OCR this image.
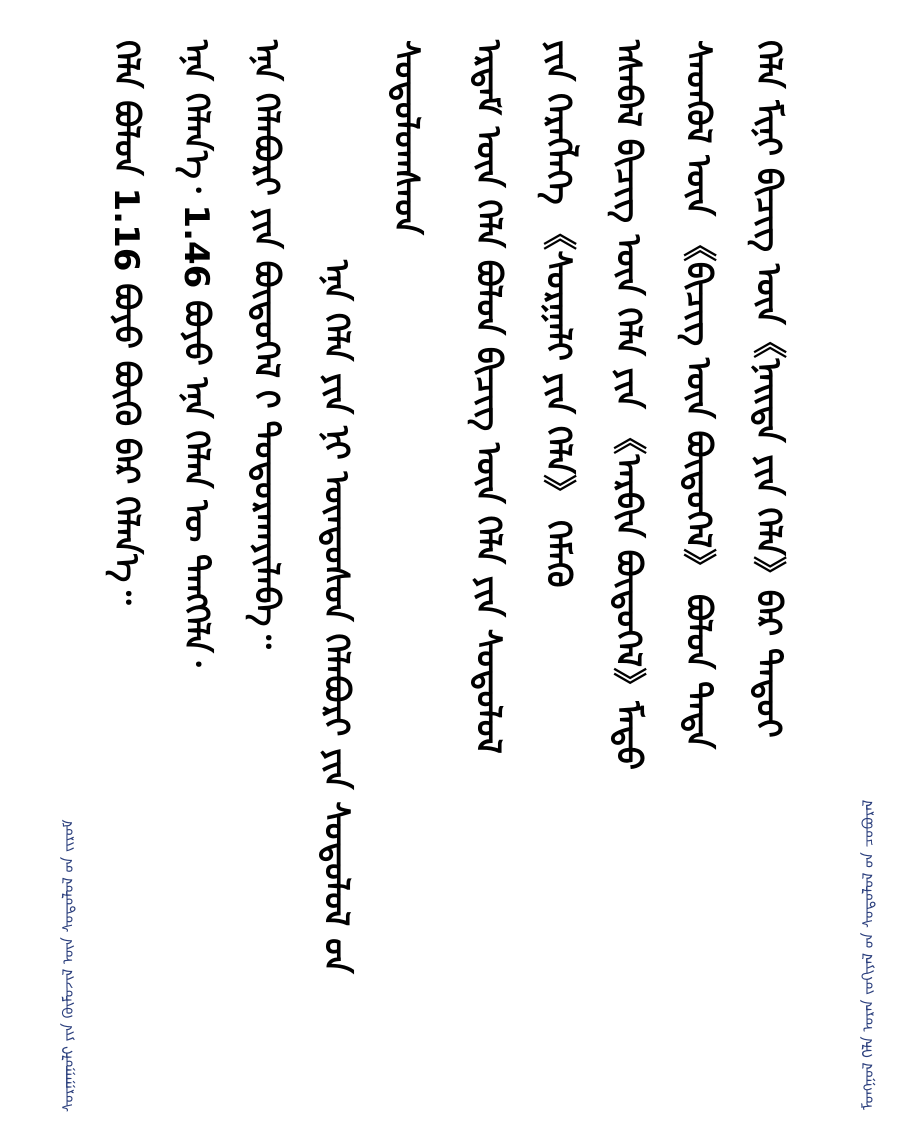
ᠰᠤᠷᠭᠠᠭᠤᠯᠢ ᠶᠢᠨ ᠬᠦᠮᠦᠵᠢᠯ ᠦᠨ ᠰᠤᠳᠤᠯᠤᠯ ᠤ᠋ᠨ ᠵᠢᠷᠤᠮ
ᠬᠡᠯᠡ ᠪᠣᠯᠣᠨ 1.16 ᠪᠤᠶᠤ ᠪᠦᠬᠦ ᠪᠡᠷ ᠬᠡᠯᠡᠨ᠎ᠡ᠃ ᠡᠨᠡ ᠬᠡᠯᠡᠨ᠎ᠡ᠂ 1.46 ᠪᠤᠶᠤ ᠡᠨᠡ ᠬᠡᠯᠡᠨ ᠦ ᠲᠡᠩᠭᠡᠯᠡ᠂ ᠡᠨᠡ ᠬᠡᠯᠡᠪᠦᠷᠢ ᠶᠢᠨ ᠪᠦᠲᠦᠭᠡᠯ ᠢ᠋ ᠲᠣᠳᠣᠷᠬᠠᠶᠢᠯᠠᠪᠠ᠃ ᠡᠨᠡ ᠬᠡᠯᠡ ᠶᠢᠨ ᠨᠢ ᠦᠨᠳᠦᠰᠦᠨ ᠬᠡᠯᠡᠪᠦᠷᠢ ᠶᠢᠨ ᠰᠤᠳᠤᠯᠤᠯ ᠤ᠋ᠨ
ᠰᠤᠳᠤᠯᠤᠭᠰᠠᠳ ᠡᠷᠳᠡᠮ ᠦᠨ ᠬᠡᠯᠡ ᠪᠣᠯᠣᠨ ᠪᠢᠴᠢᠭ ᠦᠨ ᠬᠡᠯᠡ ᠶᠢᠨ ᠰᠤᠳᠤᠯᠤᠯ ᠶᠢᠨ ᠬᠡᠷᠡᠭᠯᠡᠭᠡ 《ᠰᠤᠷᠭᠠᠯᠢ ᠶᠢᠨ ᠬᠡᠯᠡ》 ᠬᠡᠮᠡᠬᠦ ᠡᠰᠡᠪᠡᠯ ᠪᠢᠴᠢᠭ ᠦᠨ ᠬᠡᠯᠡ ᠶᠢᠨ 《ᠠᠷᠪᠢᠨ ᠪᠦᠲᠦᠭᠡᠯ》ᠮᠡᠲᠦ ᠰᠡᠳᠭᠦᠯ ᠦᠨ 《ᠪᠢᠴᠢᠭ ᠦᠨ ᠪᠦᠲᠦᠭᠡᠯ》 ᠪᠣᠯᠤᠨ ᠲᠡᠳᠡ ᠬᠡᠯᠡ ᠮᠢᠨᠢ ᠪᠢᠴᠢᠭ ᠦᠨ《ᠨᠡᠢᠲᠡ ᠶᠢᠨ ᠬᠡᠯᠡ》ᠪᠡᠷ ᠲᠡᠳᠦᠢ
ᠮᠣᠩᠭᠣᠯ ᠬᠡᠯᠡ ᠤᠷᠠᠨ ᠵᠣᠬᠢᠶᠠᠯ ᠤ᠋ᠨ ᠰᠤᠳᠤᠯᠤᠯ ᠤ᠋ᠨ ᠴᠤᠪᠤᠷᠠᠯ
